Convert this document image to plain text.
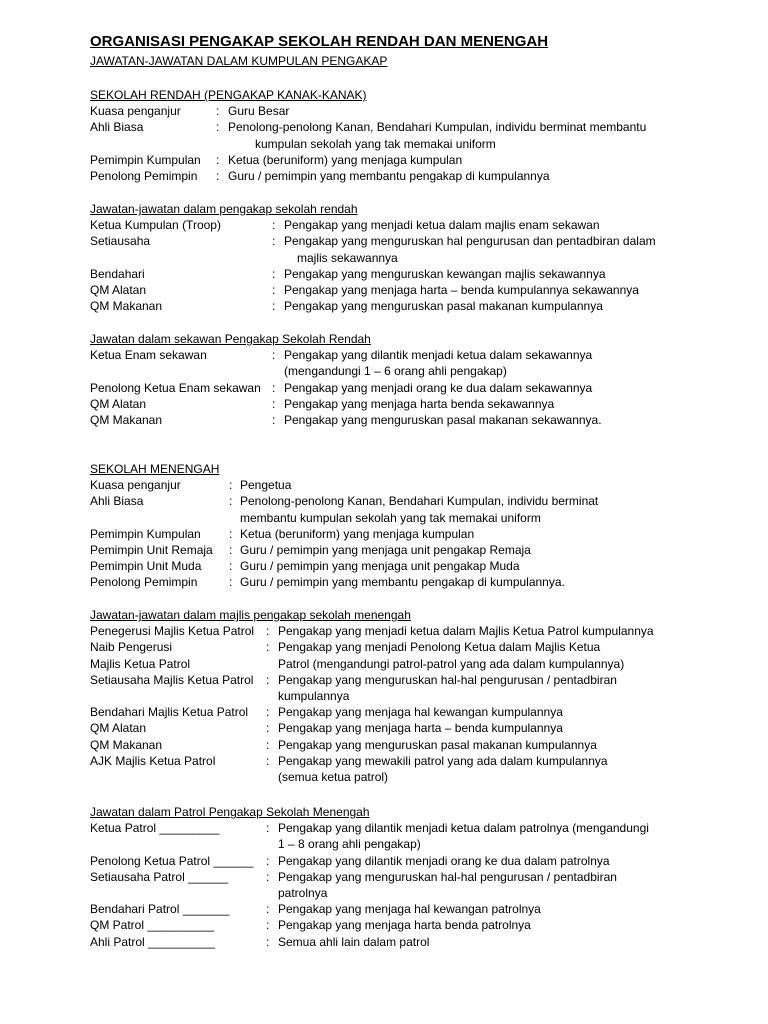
ORGANISASI PENGAKAP SEKOLAH RENDAH DAN MENENGAH
JAWATAN-JAWATAN DALAM KUMPULAN PENGAKAP
SEKOLAH RENDAH (PENGAKAP KANAK-KANAK)
Kuasa penganjur	: Guru Besar
Ahli Biasa	: Penolong-penolong Kanan, Bendahari Kumpulan, individu berminat membantu
kumpulan sekolah yang tak memakai uniform
Pemimpin Kumpulan : Ketua (beruniform) yang menjaga kumpulan
Penolong Pemimpin : Guru / pemimpin yang membantu pengakap di kumpulannya
Jawatan-jawatan dalam pengakap sekolah rendah
Ketua Kumpulan (Troop)	: Pengakap yang menjadi ketua dalam majlis enam sekawan
Setiausaha	: Pengakap yang menguruskan hal pengurusan dan pentadbiran dalam
majlis sekawannya
Bendahari	: Pengakap yang menguruskan kewangan majlis sekawannya
QM Alatan	: Pengakap yang menjaga harta – benda kumpulannya sekawannya
QM Makanan	: Pengakap yang menguruskan pasal makanan kumpulannya
Jawatan dalam sekawan Pengakap Sekolah Rendah
Ketua Enam sekawan	: Pengakap yang dilantik menjadi ketua dalam sekawannya
(mengandungi 1 – 6 orang ahli pengakap)
Penolong Ketua Enam sekawan : Pengakap yang menjadi orang ke dua dalam sekawannya
QM Alatan	: Pengakap yang menjaga harta benda sekawannya
QM Makanan	: Pengakap yang menguruskan pasal makanan sekawannya.
SEKOLAH MENENGAH
Kuasa penganjur	: Pengetua
Ahli Biasa	: Penolong-penolong Kanan, Bendahari Kumpulan, individu berminat
membantu kumpulan sekolah yang tak memakai uniform
Pemimpin Kumpulan : Ketua (beruniform) yang menjaga kumpulan
Pemimpin Unit Remaja : Guru / pemimpin yang menjaga unit pengakap Remaja
Pemimpin Unit Muda : Guru / pemimpin yang menjaga unit pengakap Muda
Penolong Pemimpin	: Guru / pemimpin yang membantu pengakap di kumpulannya.
Jawatan-jawatan dalam majlis pengakap sekolah menengah
Penegerusi Majlis Ketua Patrol : Pengakap yang menjadi ketua dalam Majlis Ketua Patrol kumpulannya
Naib Pengerusi	: Pengakap yang menjadi Penolong Ketua dalam Majlis Ketua
Majlis Ketua Patrol	Patrol (mengandungi patrol-patrol yang ada dalam kumpulannya)
Setiausaha Majlis Ketua Patrol : Pengakap yang menguruskan hal-hal pengurusan / pentadbiran
kumpulannya
Bendahari Majlis Ketua Patrol : Pengakap yang menjaga hal kewangan kumpulannya
QM Alatan	: Pengakap yang menjaga harta – benda kumpulannya
QM Makanan	: Pengakap yang menguruskan pasal makanan kumpulannya
AJK Majlis Ketua Patrol	: Pengakap yang mewakili patrol yang ada dalam kumpulannya
(semua ketua patrol)
Jawatan dalam Patrol Pengakap Sekolah Menengah
Ketua Patrol _________	: Pengakap yang dilantik menjadi ketua dalam patrolnya (mengandungi
1 – 8 orang ahli pengakap)
Penolong Ketua Patrol ______ : Pengakap yang dilantik menjadi orang ke dua dalam patrolnya
Setiausaha Patrol ______	: Pengakap yang menguruskan hal-hal pengurusan / pentadbiran
patrolnya
Bendahari Patrol _______	: Pengakap yang menjaga hal kewangan patrolnya
QM Patrol __________	: Pengakap yang menjaga harta benda patrolnya
Ahli Patrol __________	: Semua ahli lain dalam patrol
